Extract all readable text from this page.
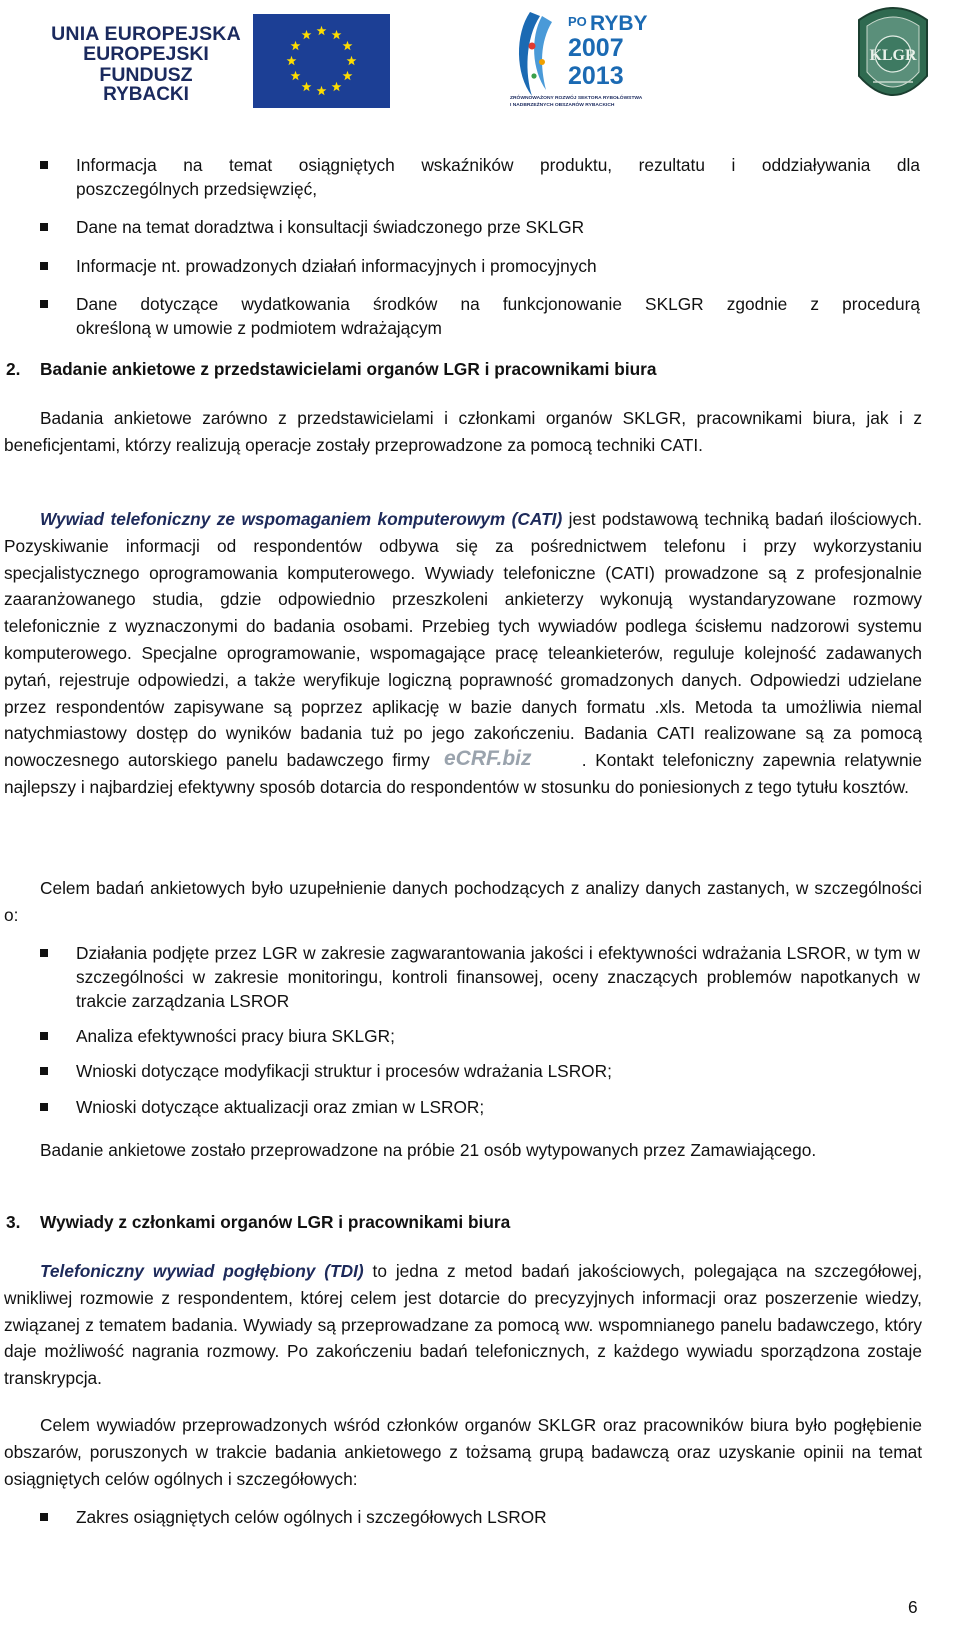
UNIA EUROPEJSKA
EUROPEJSKI FUNDUSZ
RYBACKI
PO RYBY
2007
2013
ZRÓWNOWAŻONY ROZWÓJ SEKTORA RYBOŁÓWSTWA
I NADBRZEŻNYCH OBSZARÓW RYBACKICH
KLGR
Informacja na temat osiągniętych wskaźników produktu, rezultatu i oddziaływania dla
poszczególnych przedsięwzięć,
Dane na temat doradztwa i konsultacji świadczonego prze SKLGR
Informacje nt. prowadzonych działań informacyjnych i promocyjnych
Dane dotyczące wydatkowania środków na funkcjonowanie SKLGR zgodnie z procedurą
określoną w umowie z podmiotem wdrażającym
2. Badanie ankietowe z przedstawicielami organów LGR i pracownikami biura
Badania ankietowe zarówno z przedstawicielami i członkami organów SKLGR, pracownikami biura, jak i z beneficjentami, którzy realizują operacje zostały przeprowadzone za pomocą techniki CATI.
Wywiad telefoniczny ze wspomaganiem komputerowym (CATI) jest podstawową techniką badań ilościowych. Pozyskiwanie informacji od respondentów odbywa się za pośrednictwem telefonu i przy wykorzystaniu specjalistycznego oprogramowania komputerowego. Wywiady telefoniczne (CATI) prowadzone są z profesjonalnie zaaranżowanego studia, gdzie odpowiednio przeszkoleni ankieterzy wykonują wystandaryzowane rozmowy telefonicznie z wyznaczonymi do badania osobami. Przebieg tych wywiadów podlega ścisłemu nadzorowi systemu komputerowego. Specjalne oprogramowanie, wspomagające pracę teleankieterów, reguluje kolejność zadawanych pytań, rejestruje odpowiedzi, a także weryfikuje logiczną poprawność gromadzonych danych. Odpowiedzi udzielane przez respondentów zapisywane są poprzez aplikację w bazie danych formatu .xls. Metoda ta umożliwia niemal natychmiastowy dostęp do wyników badania tuż po jego zakończeniu. Badania CATI realizowane są za pomocą nowoczesnego autorskiego panelu badawczego firmy eCRF.biz	. Kontakt telefoniczny zapewnia relatywnie najlepszy i najbardziej efektywny sposób dotarcia do respondentów w stosunku do poniesionych z tego tytułu kosztów.
Celem badań ankietowych było uzupełnienie danych pochodzących z analizy danych zastanych, w szczególności o:
Działania podjęte przez LGR w zakresie zagwarantowania jakości i efektywności wdrażania LSROR, w tym w szczególności w zakresie monitoringu, kontroli finansowej, oceny znaczących problemów napotkanych w trakcie zarządzania LSROR
Analiza efektywności pracy biura SKLGR;
Wnioski dotyczące modyfikacji struktur i procesów wdrażania LSROR;
Wnioski dotyczące aktualizacji oraz zmian w LSROR;
Badanie ankietowe zostało przeprowadzone na próbie 21 osób wytypowanych przez Zamawiającego.
3. Wywiady z członkami organów LGR i pracownikami biura
Telefoniczny wywiad pogłębiony (TDI) to jedna z metod badań jakościowych, polegająca na szczegółowej, wnikliwej rozmowie z respondentem, której celem jest dotarcie do precyzyjnych informacji oraz poszerzenie wiedzy, związanej z tematem badania. Wywiady są przeprowadzane za pomocą ww. wspomnianego panelu badawczego, który daje możliwość nagrania rozmowy. Po zakończeniu badań telefonicznych, z każdego wywiadu sporządzona zostaje transkrypcja.
Celem wywiadów przeprowadzonych wśród członków organów SKLGR oraz pracowników biura było pogłębienie obszarów, poruszonych w trakcie badania ankietowego z tożsamą grupą badawczą oraz uzyskanie opinii na temat osiągniętych celów ogólnych i szczegółowych:
Zakres osiągniętych celów ogólnych i szczegółowych LSROR
6
